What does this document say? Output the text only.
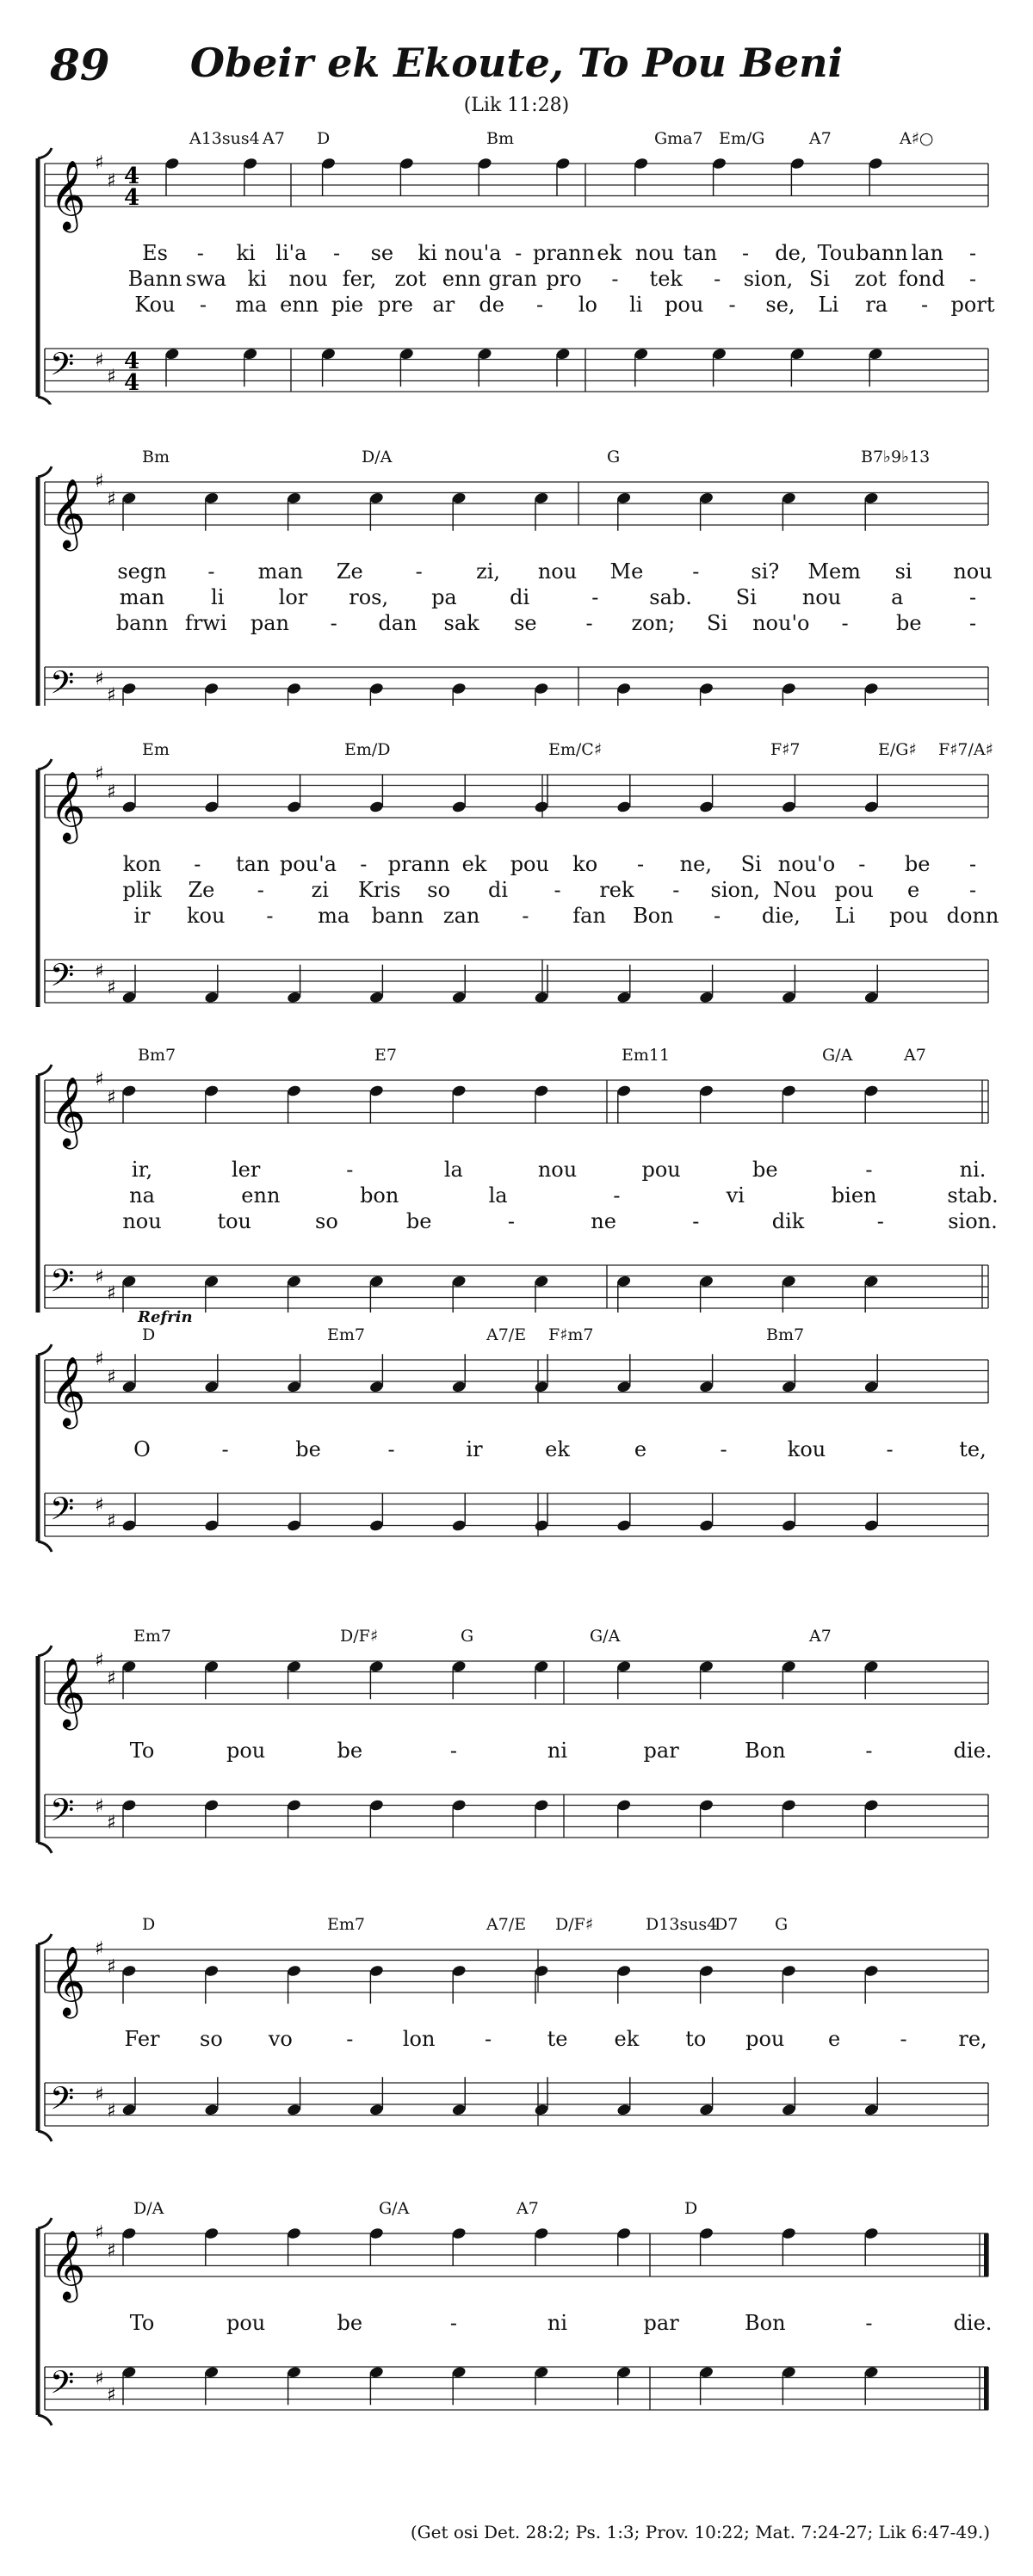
89	Obeir ek Ekoute, To Pou Beni
(Lik 11:28)
𝄞 ♯
♯ 4
4
𝄢 ♯
♯
4
4
A13sus4 A7 D	Bm	Gma7 Em/G	A7	A♯○
Es - ki li'a - se ki nou'a - prann ek nou tan - de, Tou bann lan -
Bann swa ki nou fer, zot enn gran pro - tek - sion, Si zot fond -
Kou - ma enn pie pre ar de - lo li pou - se, Li ra - port
𝄞 ♯
♯
𝄢 ♯
♯
Bm	D/A	G	B7♭9♭13
segn - man Ze	-	zi, nou Me - si? Mem si nou
man li	lor ros, pa	di	- sab. Si nou a	-
bann frwi pan - dan sak se - zon; Si nou'o - be -
𝄞 ♯
♯
𝄢 ♯
♯
Em	Em/D	Em/C♯	F♯7	E/G♯ F♯7/A♯
kon - tan pou'a - prann ek pou ko - ne, Si nou'o - be -
plik Ze - zi Kris so di - rek - sion, Nou pou e -
ir kou - ma bann zan - fan Bon - die, Li pou donn
𝄞 ♯
♯
𝄢 ♯
♯
Bm7	E7	Em11	G/A	A7
ir,	ler	-	la	nou	pou	be	-	ni.
na	enn	bon	la	-	vi	bien	stab.
nou	tou	so	be	-	ne	-	dik	-	sion.
𝄞 ♯
♯
𝄢 ♯
♯
D	Em7	A7/E F♯m7	Bm7
Refrin
O	-	be	-	ir	ek	e	-	kou	-	te,
𝄞 ♯
♯
𝄢 ♯
♯
Em7	D/F♯	G	G/A	A7
To	pou	be	-	ni	par	Bon	-	die.
𝄞 ♯
♯
𝄢 ♯
♯
D	Em7	A7/E D/F♯	D13sus4
D7 G
Fer so vo	- lon -	te ek to pou e	- re,
𝄞 ♯
♯
𝄢 ♯
♯
D/A	G/A	A7	D
To	pou	be	-	ni	par	Bon	-	die.
(Get osi Det. 28:2; Ps. 1:3; Prov. 10:22; Mat. 7:24-27; Lik 6:47-49.)
